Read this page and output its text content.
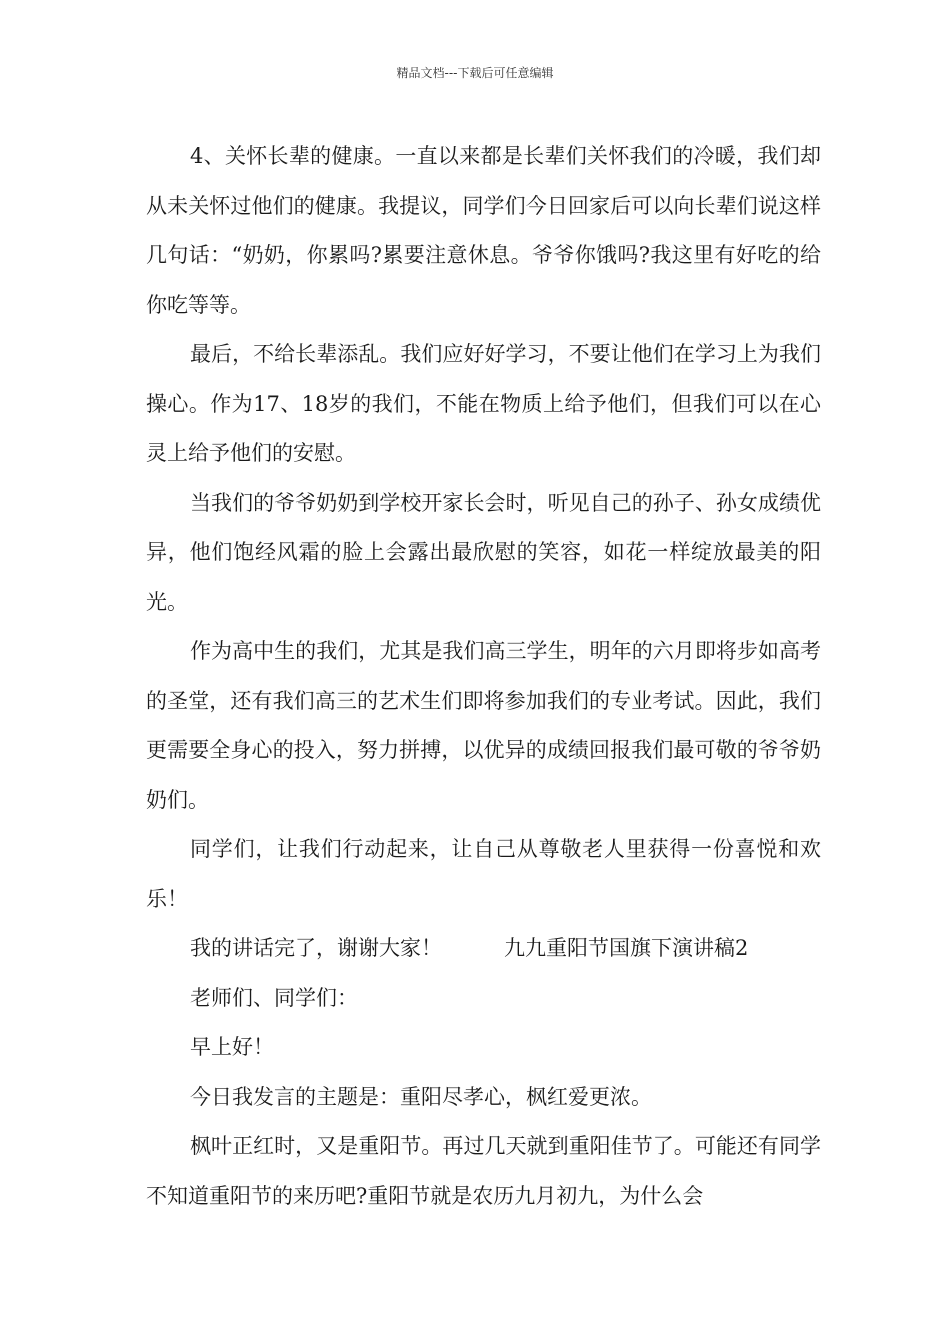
精品文档---下载后可任意编辑

4、关怀长辈的健康。一直以来都是长辈们关怀我们的冷暖，我们却从未关怀过他们的健康。我提议，同学们今日回家后可以向长辈们说这样几句话：“奶奶，你累吗?累要注意休息。爷爷你饿吗?我这里有好吃的给你吃等等。

最后，不给长辈添乱。我们应好好学习，不要让他们在学习上为我们操心。作为17、18岁的我们，不能在物质上给予他们，但我们可以在心灵上给予他们的安慰。

当我们的爷爷奶奶到学校开家长会时，听见自己的孙子、孙女成绩优异，他们饱经风霜的脸上会露出最欣慰的笑容，如花一样绽放最美的阳光。

作为高中生的我们，尤其是我们高三学生，明年的六月即将步如高考的圣堂，还有我们高三的艺术生们即将参加我们的专业考试。因此，我们更需要全身心的投入，努力拼搏，以优异的成绩回报我们最可敬的爷爷奶奶们。

同学们，让我们行动起来，让自己从尊敬老人里获得一份喜悦和欢乐！

我的讲话完了，谢谢大家！	九九重阳节国旗下演讲稿2

老师们、同学们：

早上好！

今日我发言的主题是：重阳尽孝心，枫红爱更浓。

枫叶正红时，又是重阳节。再过几天就到重阳佳节了。可能还有同学不知道重阳节的来历吧?重阳节就是农历九月初九，为什么会
